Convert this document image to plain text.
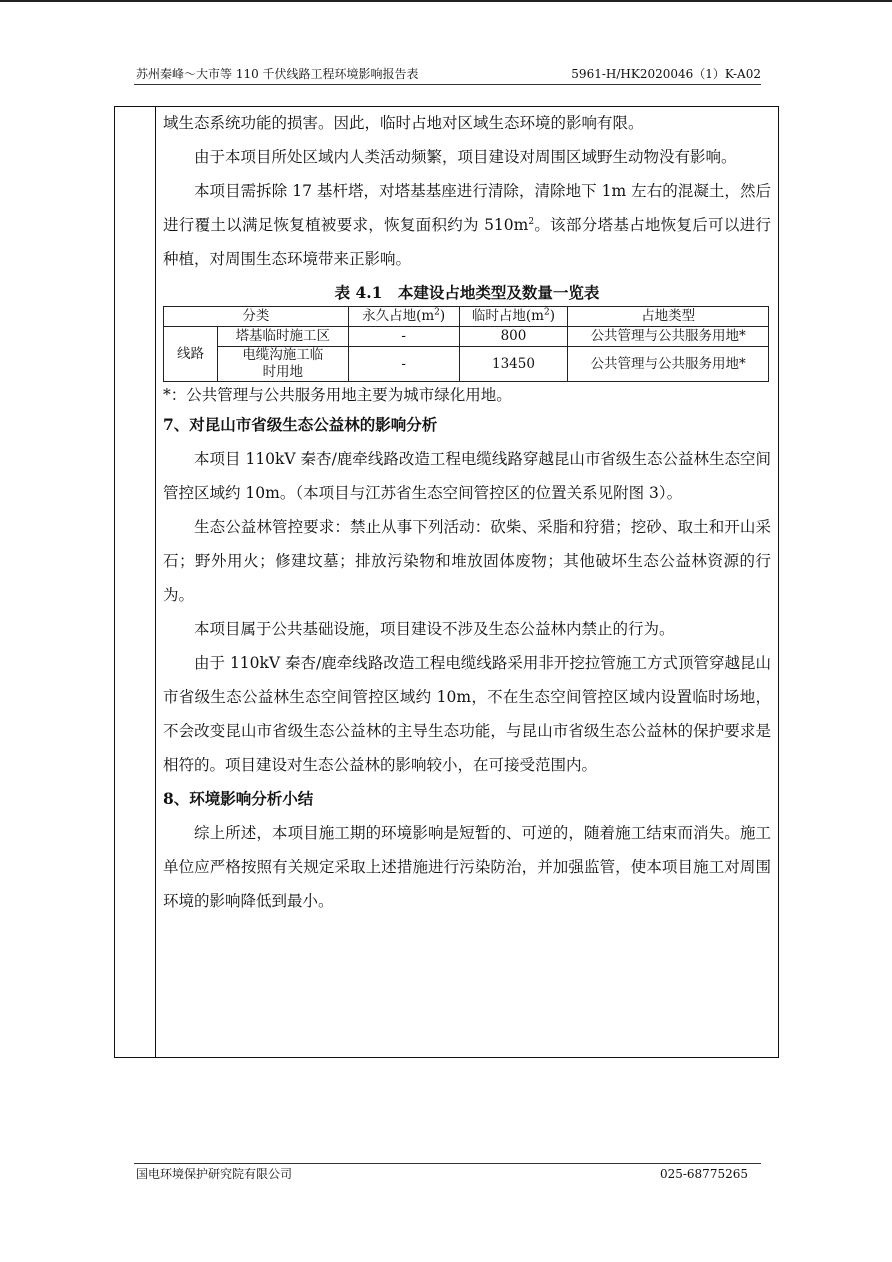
苏州秦峰～大市等 110 千伏线路工程环境影响报告表	5961-H/HK2020046（1）K-A02

域生态系统功能的损害。因此，临时占地对区域生态环境的影响有限。

由于本项目所处区域内人类活动频繁，项目建设对周围区域野生动物没有影响。

本项目需拆除 17 基杆塔，对塔基基座进行清除，清除地下 1m 左右的混凝土，然后进行覆土以满足恢复植被要求，恢复面积约为 $510m^2$。该部分塔基占地恢复后可以进行种植，对周围生态环境带来正影响。

表 4.1　本建设占地类型及数量一览表
分类		永久占地$(m^2)$	临时占地$(m^2)$	占地类型
线路	塔基临时施工区	-	800	公共管理与公共服务用地*
	电缆沟施工临时用地	-	13450	公共管理与公共服务用地*
*：公共管理与公共服务用地主要为城市绿化用地。

7、对昆山市省级生态公益林的影响分析

本项目 110kV 秦杏/鹿牵线路改造工程电缆线路穿越昆山市省级生态公益林生态空间管控区域约 10m。（本项目与江苏省生态空间管控区的位置关系见附图 3）。

生态公益林管控要求：禁止从事下列活动：砍柴、采脂和狩猎；挖砂、取土和开山采石；野外用火；修建坟墓；排放污染物和堆放固体废物；其他破坏生态公益林资源的行为。

本项目属于公共基础设施，项目建设不涉及生态公益林内禁止的行为。

由于 110kV 秦杏/鹿牵线路改造工程电缆线路采用非开挖拉管施工方式顶管穿越昆山市省级生态公益林生态空间管控区域约 10m，不在生态空间管控区域内设置临时场地，不会改变昆山市省级生态公益林的主导生态功能，与昆山市省级生态公益林的保护要求是相符的。项目建设对生态公益林的影响较小，在可接受范围内。

8、环境影响分析小结

综上所述，本项目施工期的环境影响是短暂的、可逆的，随着施工结束而消失。施工单位应严格按照有关规定采取上述措施进行污染防治，并加强监管，使本项目施工对周围环境的影响降低到最小。

国电环境保护研究院有限公司	025-68775265
